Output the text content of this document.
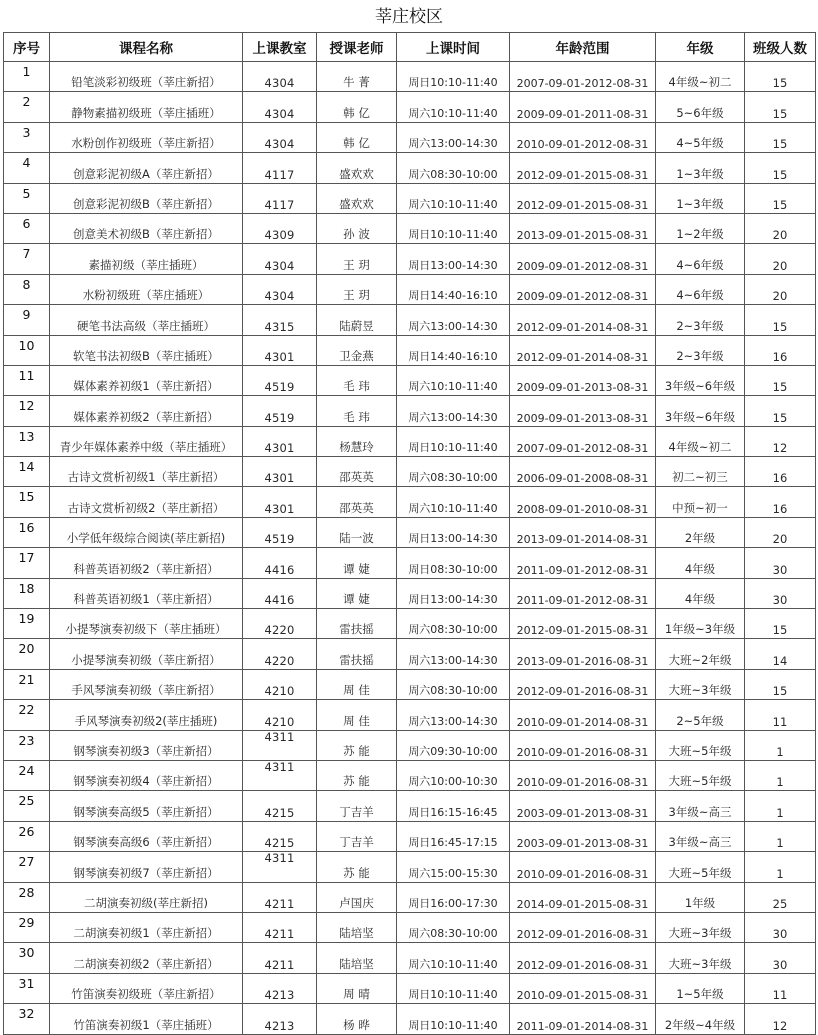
莘庄校区
序号	课程名称	上课教室	授课老师	上课时间	年龄范围	年级	班级人数
1	铅笔淡彩初级班（莘庄新招）	4304	牛 菁	周日10:10-11:40	2007-09-01-2012-08-31	4年级~初二	15
2	静物素描初级班（莘庄插班）	4304	韩 亿	周六10:10-11:40	2009-09-01-2011-08-31	5~6年级	15
3	水粉创作初级班（莘庄新招）	4304	韩 亿	周六13:00-14:30	2010-09-01-2012-08-31	4~5年级	15
4	创意彩泥初级A（莘庄新招）	4117	盛欢欢	周六08:30-10:00	2012-09-01-2015-08-31	1~3年级	15
5	创意彩泥初级B（莘庄新招）	4117	盛欢欢	周六10:10-11:40	2012-09-01-2015-08-31	1~3年级	15
6	创意美术初级B（莘庄新招）	4309	孙 波	周日10:10-11:40	2013-09-01-2015-08-31	1~2年级	20
7	素描初级（莘庄插班）	4304	王 玥	周日13:00-14:30	2009-09-01-2012-08-31	4~6年级	20
8	水粉初级班（莘庄插班）	4304	王 玥	周日14:40-16:10	2009-09-01-2012-08-31	4~6年级	20
9	硬笔书法高级（莘庄插班）	4315	陆蔚昱	周六13:00-14:30	2012-09-01-2014-08-31	2~3年级	15
10	软笔书法初级B（莘庄插班）	4301	卫金燕	周日14:40-16:10	2012-09-01-2014-08-31	2~3年级	16
11	媒体素养初级1（莘庄新招）	4519	毛 玮	周六10:10-11:40	2009-09-01-2013-08-31	3年级~6年级	15
12	媒体素养初级2（莘庄新招）	4519	毛 玮	周六13:00-14:30	2009-09-01-2013-08-31	3年级~6年级	15
13	青少年媒体素养中级（莘庄插班）	4301	杨慧玲	周日10:10-11:40	2007-09-01-2012-08-31	4年级~初二	12
14	古诗文赏析初级1（莘庄新招）	4301	邵英英	周六08:30-10:00	2006-09-01-2008-08-31	初二~初三	16
15	古诗文赏析初级2（莘庄新招）	4301	邵英英	周六10:10-11:40	2008-09-01-2010-08-31	中预~初一	16
16	小学低年级综合阅读(莘庄新招)	4519	陆一波	周日13:00-14:30	2013-09-01-2014-08-31	2年级	20
17	科普英语初级2（莘庄新招）	4416	谭 婕	周日08:30-10:00	2011-09-01-2012-08-31	4年级	30
18	科普英语初级1（莘庄新招）	4416	谭 婕	周日13:00-14:30	2011-09-01-2012-08-31	4年级	30
19	小提琴演奏初级下（莘庄插班）	4220	雷扶摇	周六08:30-10:00	2012-09-01-2015-08-31	1年级~3年级	15
20	小提琴演奏初级（莘庄新招）	4220	雷扶摇	周六13:00-14:30	2013-09-01-2016-08-31	大班~2年级	14
21	手风琴演奏初级（莘庄新招）	4210	周 佳	周六08:30-10:00	2012-09-01-2016-08-31	大班~3年级	15
22	手风琴演奏初级2(莘庄插班)	4210	周 佳	周六13:00-14:30	2010-09-01-2014-08-31	2~5年级	11
23	钢琴演奏初级3（莘庄新招）	4311	苏 能	周六09:30-10:00	2010-09-01-2016-08-31	大班~5年级	1
24	钢琴演奏初级4（莘庄新招）	4311	苏 能	周六10:00-10:30	2010-09-01-2016-08-31	大班~5年级	1
25	钢琴演奏高级5（莘庄新招）	4215	丁吉羊	周日16:15-16:45	2003-09-01-2013-08-31	3年级~高三	1
26	钢琴演奏高级6（莘庄新招）	4215	丁吉羊	周日16:45-17:15	2003-09-01-2013-08-31	3年级~高三	1
27	钢琴演奏初级7（莘庄新招）	4311	苏 能	周六15:00-15:30	2010-09-01-2016-08-31	大班~5年级	1
28	二胡演奏初级(莘庄新招)	4211	卢国庆	周日16:00-17:30	2014-09-01-2015-08-31	1年级	25
29	二胡演奏初级1（莘庄新招）	4211	陆培坚	周六08:30-10:00	2012-09-01-2016-08-31	大班~3年级	30
30	二胡演奏初级2（莘庄新招）	4211	陆培坚	周六10:10-11:40	2012-09-01-2016-08-31	大班~3年级	30
31	竹笛演奏初级班（莘庄新招）	4213	周 晴	周日10:10-11:40	2010-09-01-2015-08-31	1~5年级	11
32	竹笛演奏初级1（莘庄插班）	4213	杨 晔	周日10:10-11:40	2011-09-01-2014-08-31	2年级~4年级	12
